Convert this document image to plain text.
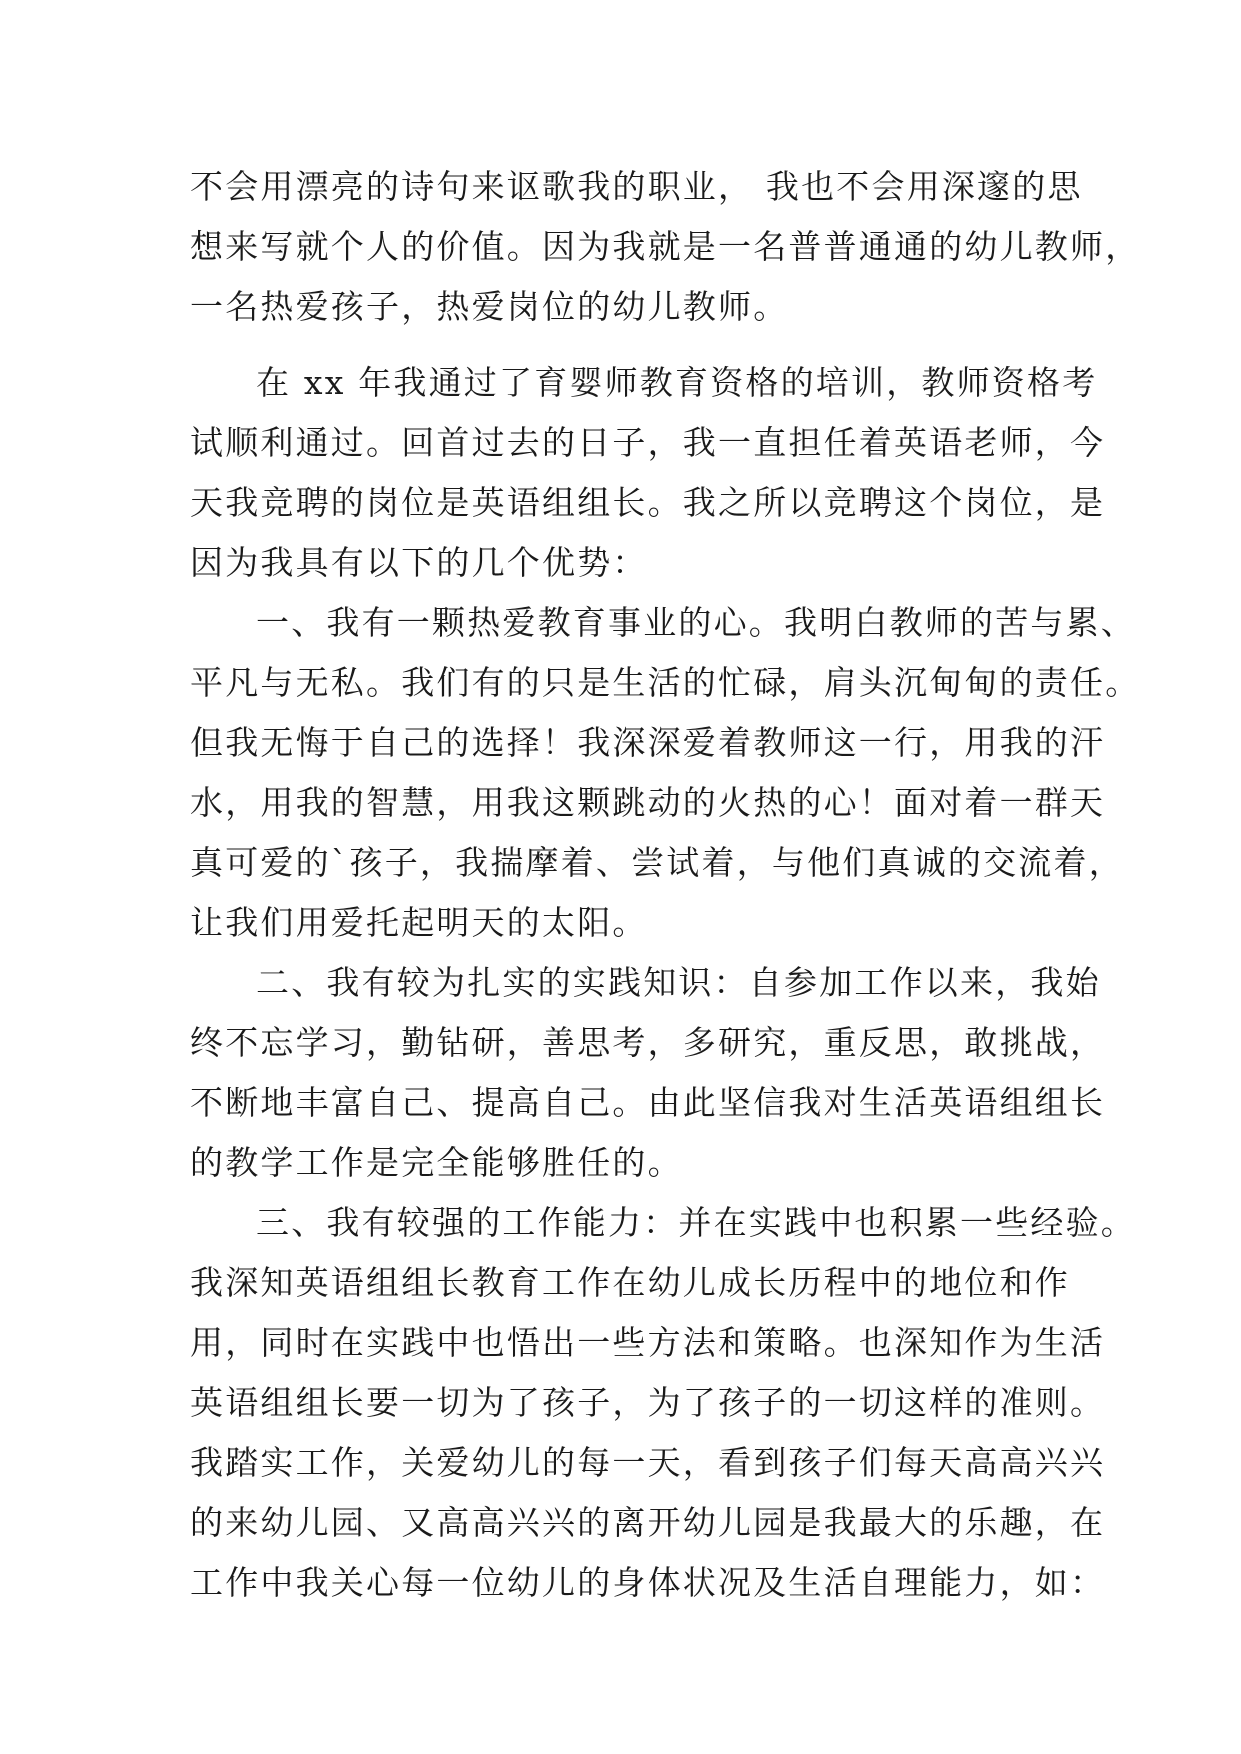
不会用漂亮的诗句来讴歌我的职业， 我也不会用深邃的思
想来写就个人的价值。因为我就是一名普普通通的幼儿教师，
一名热爱孩子，热爱岗位的幼儿教师。
在 xx 年我通过了育婴师教育资格的培训，教师资格考
试顺利通过。回首过去的日子，我一直担任着英语老师，今
天我竞聘的岗位是英语组组长。我之所以竞聘这个岗位，是
因为我具有以下的几个优势：
一、我有一颗热爱教育事业的心。我明白教师的苦与累、
平凡与无私。我们有的只是生活的忙碌，肩头沉甸甸的责任。
但我无悔于自己的选择！我深深爱着教师这一行，用我的汗
水，用我的智慧，用我这颗跳动的火热的心！面对着一群天
真可爱的`孩子，我揣摩着、尝试着，与他们真诚的交流着，
让我们用爱托起明天的太阳。
二、我有较为扎实的实践知识：自参加工作以来，我始
终不忘学习，勤钻研，善思考，多研究，重反思，敢挑战，
不断地丰富自己、提高自己。由此坚信我对生活英语组组长
的教学工作是完全能够胜任的。
三、我有较强的工作能力：并在实践中也积累一些经验。
我深知英语组组长教育工作在幼儿成长历程中的地位和作
用，同时在实践中也悟出一些方法和策略。也深知作为生活
英语组组长要一切为了孩子，为了孩子的一切这样的准则。
我踏实工作，关爱幼儿的每一天，看到孩子们每天高高兴兴
的来幼儿园、又高高兴兴的离开幼儿园是我最大的乐趣，在
工作中我关心每一位幼儿的身体状况及生活自理能力，如：
